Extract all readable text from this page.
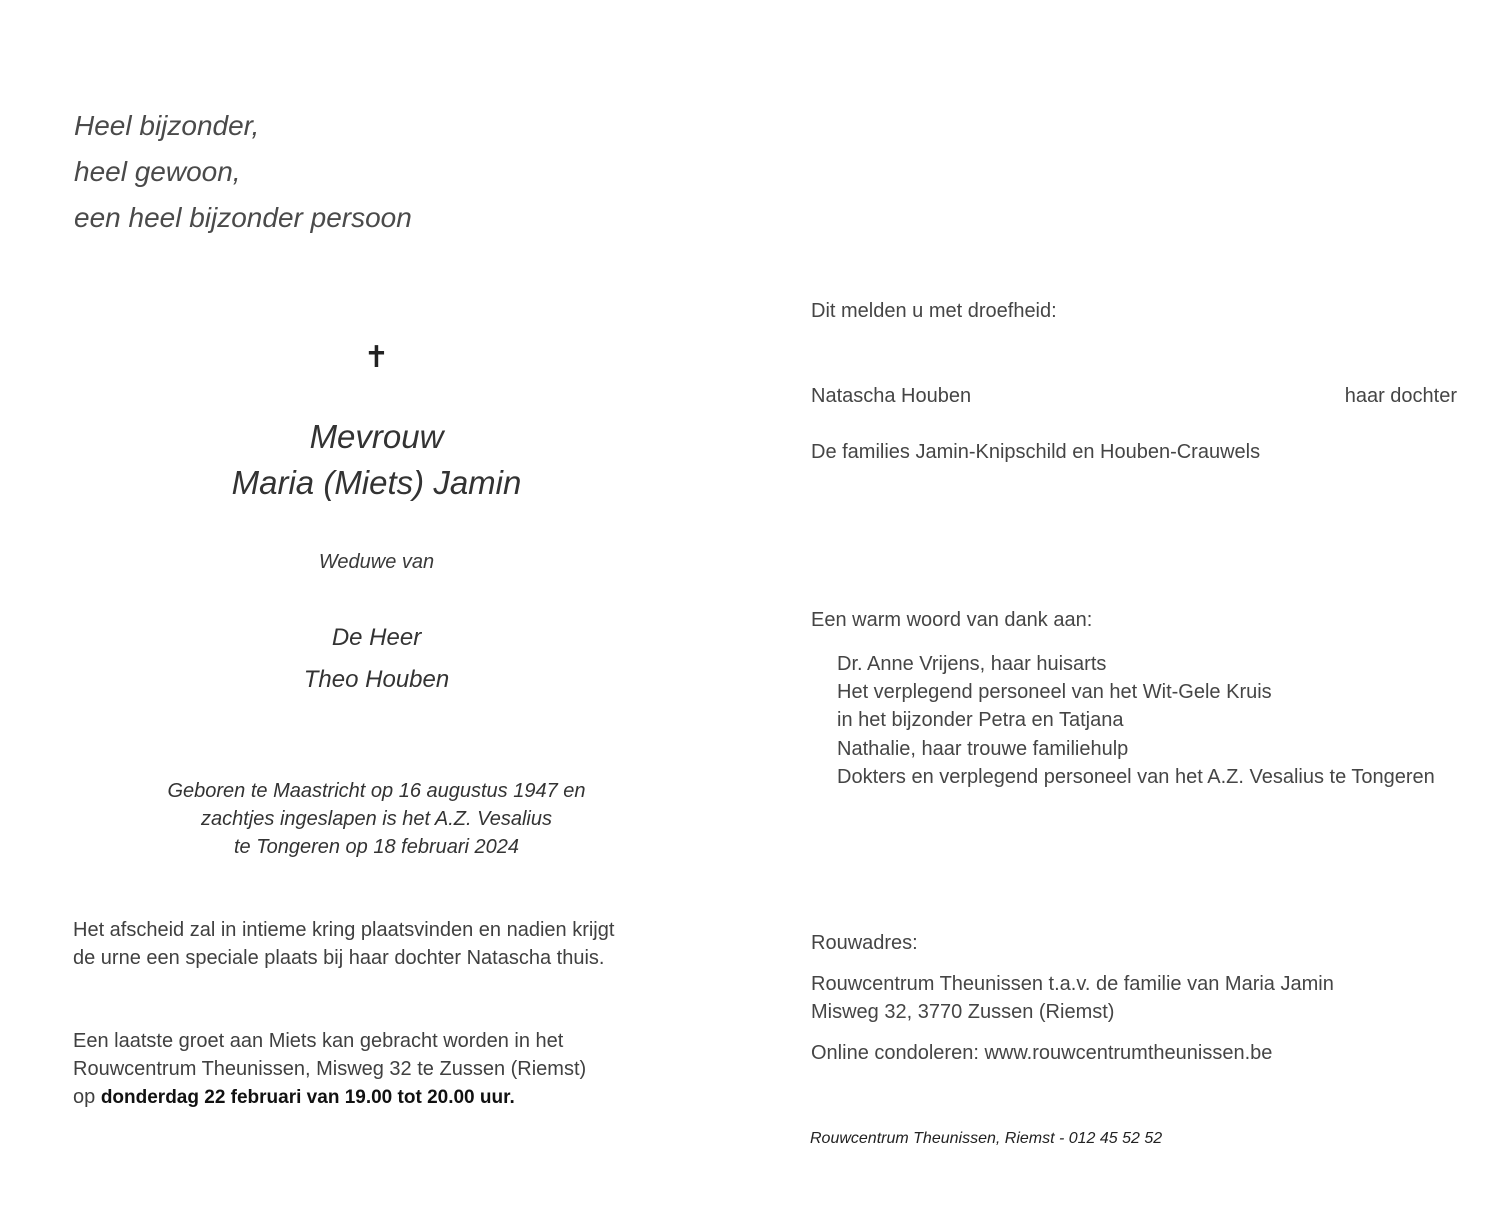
Heel bijzonder,
heel gewoon,
een heel bijzonder persoon
✝
Mevrouw
Maria (Miets) Jamin
Weduwe van
De Heer
Theo Houben
Geboren te Maastricht op 16 augustus 1947 en
zachtjes ingeslapen is het A.Z. Vesalius
te Tongeren op 18 februari 2024
Het afscheid zal in intieme kring plaatsvinden en nadien krijgt
de urne een speciale plaats bij haar dochter Natascha thuis.
Een laatste groet aan Miets kan gebracht worden in het
Rouwcentrum Theunissen, Misweg 32 te Zussen (Riemst)
op donderdag 22 februari van 19.00 tot 20.00 uur.
Dit melden u met droefheid:
Natascha Houben	haar dochter
De families Jamin-Knipschild en Houben-Crauwels
Een warm woord van dank aan:
Dr. Anne Vrijens, haar huisarts
Het verplegend personeel van het Wit-Gele Kruis
in het bijzonder Petra en Tatjana
Nathalie, haar trouwe familiehulp
Dokters en verplegend personeel van het A.Z. Vesalius te Tongeren
Rouwadres:
Rouwcentrum Theunissen t.a.v. de familie van Maria Jamin
Misweg 32, 3770 Zussen (Riemst)
Online condoleren: www.rouwcentrumtheunissen.be
Rouwcentrum Theunissen, Riemst - 012 45 52 52
